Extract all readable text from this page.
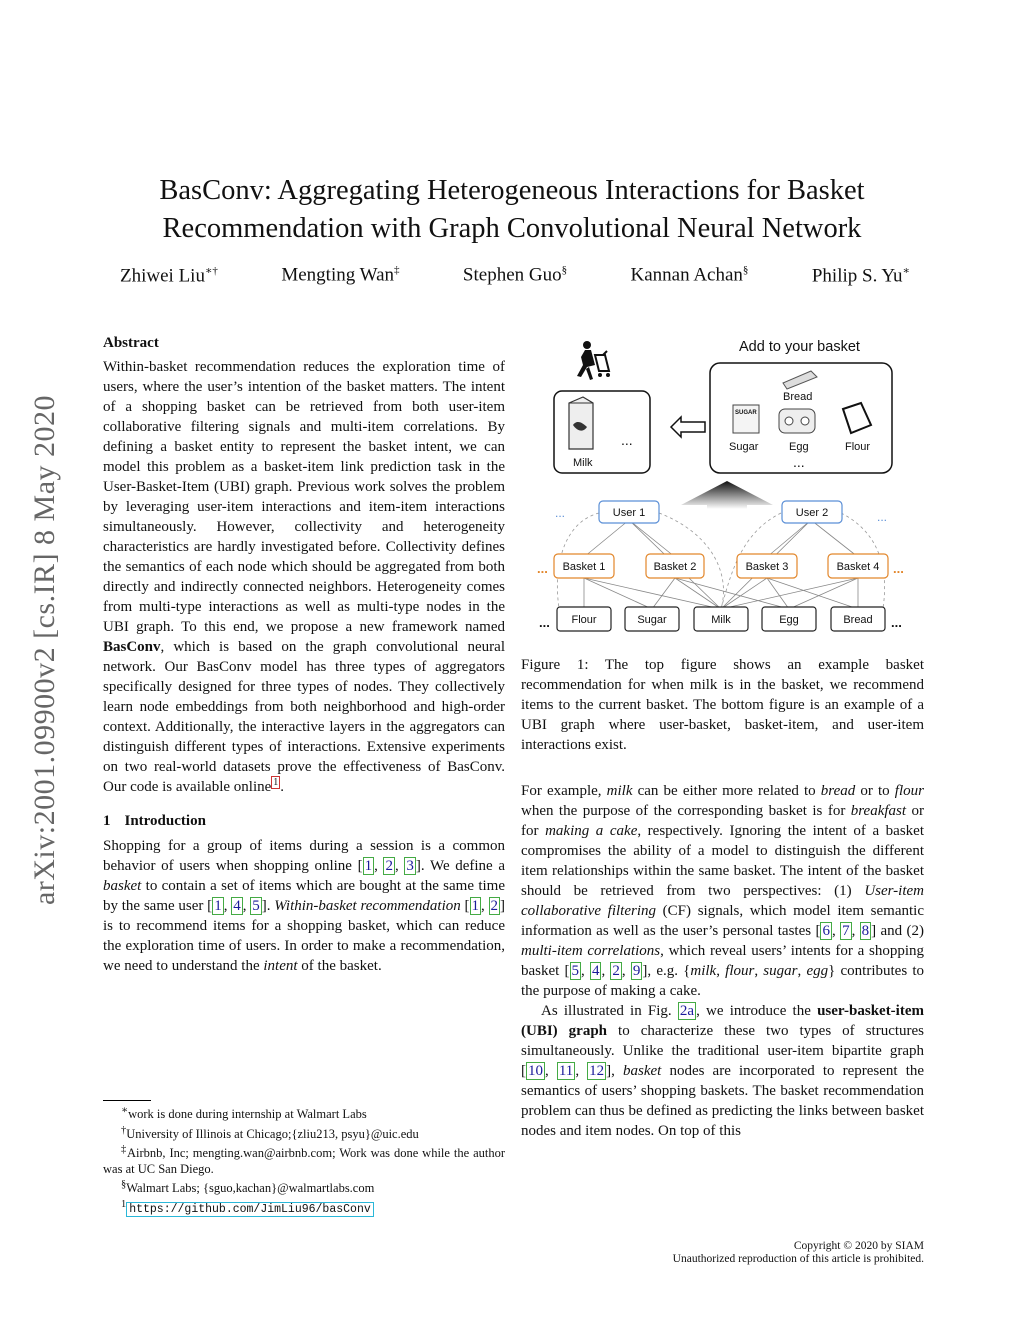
arXiv:2001.09900v2 [cs.IR] 8 May 2020
BasConv: Aggregating Heterogeneous Interactions for Basket
Recommendation with Graph Convolutional Neural Network
Zhiwei Liu∗†	Mengting Wan‡	Stephen Guo§	Kannan Achan§	Philip S. Yu∗
Abstract

Within-basket recommendation reduces the exploration time of users, where the user’s intention of the basket matters. The intent of a shopping basket can be retrieved from both user-item collaborative filtering signals and multi-item correlations. By defining a basket entity to represent the basket intent, we can model this problem as a basket-item link prediction task in the User-Basket-Item (UBI) graph. Previous work solves the problem by leveraging user-item interactions and item-item interactions simultaneously. However, collectivity and heterogeneity characteristics are hardly investigated before. Collectivity defines the semantics of each node which should be aggregated from both directly and indirectly connected neighbors. Heterogeneity comes from multi-type interactions as well as multi-type nodes in the UBI graph. To this end, we propose a new framework named BasConv, which is based on the graph convolutional neural network. Our BasConv model has three types of aggregators specifically designed for three types of nodes. They collectively learn node embeddings from both neighborhood and high-order context. Additionally, the interactive layers in the aggregators can distinguish different types of interactions. Extensive experiments on two real-world datasets prove the effectiveness of BasConv. Our code is available online $^1$ .

1 Introduction

Shopping for a group of items during a session is a common behavior of users when shopping online [ 1 , 2 , 3 ]. We define a basket to contain a set of items which are bought at the same time by the same user [ 1 , 4 , 5 ]. Within-basket recommendation [ 1 , 2 ] is to recommend items for a shopping basket, which can reduce the exploration time of users. In order to make a recommendation, we need to understand the intent of the basket.

∗work is done during internship at Walmart Labs

†University of Illinois at Chicago;{zliu213, psyu}@uic.edu

‡Airbnb, Inc; mengting.wan@airbnb.com; Work was done while the author was at UC San Diego.

§Walmart Labs; {sguo,kachan}@walmartlabs.com

$^1$ https://github.com/JimLiu96/basConv

Milk
...
Add to your basket
Bread
SUGAR
Sugar	Egg	Flour
...
User 1	User 2
...	...
Basket 1	Basket 2	Basket 3	Basket 4
...	...
Flour	Sugar	Milk	Egg	Bread
...	...

Figure 1: The top figure shows an example basket recommendation for when milk is in the basket, we recommend items to the current basket. The bottom figure is an example of a UBI graph where user-basket, basket-item, and user-item interactions exist.

For example, milk can be either more related to bread or to flour when the purpose of the corresponding basket is for breakfast or for making a cake, respectively. Ignoring the intent of a basket compromises the ability of a model to distinguish the different item relationships within the same basket. The intent of the basket should be retrieved from two perspectives: (1) User-item collaborative filtering (CF) signals, which model item semantic information as well as the user’s personal tastes [ 6 , 7 , 8 ] and (2) multi-item correlations, which reveal users’ intents for a shopping basket [ 5 , 4 , 2 , 9 ], e.g. {milk, flour, sugar, egg} contributes to the purpose of making a cake.

As illustrated in Fig. 2a , we introduce the user-basket-item (UBI) graph to characterize these two types of structures simultaneously. Unlike the traditional user-item bipartite graph [ 10 , 11 , 12 ], basket nodes are incorporated to represent the semantics of users’ shopping baskets. The basket recommendation problem can thus be defined as predicting the links between basket nodes and item nodes. On top of this

Copyright © 2020 by SIAM
Unauthorized reproduction of this article is prohibited.
